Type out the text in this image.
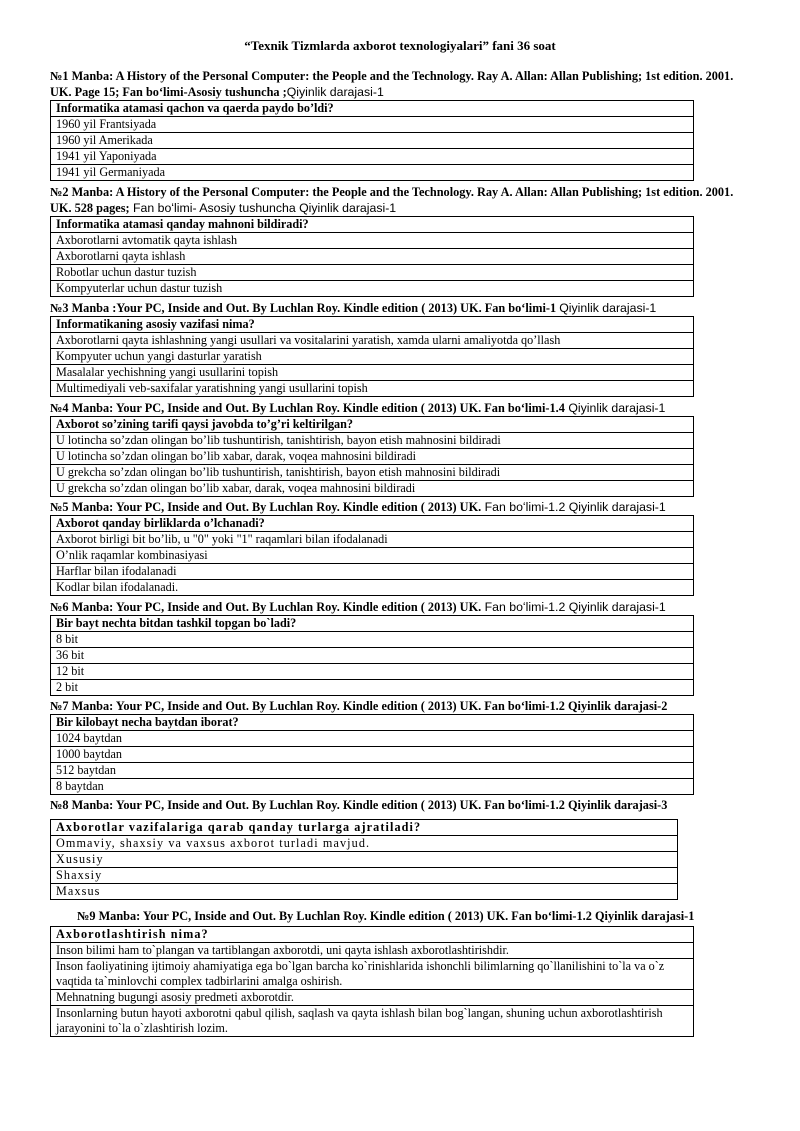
“Texnik Tizmlarda axborot texnologiyalari” fani 36 soat
№1 Manba: A History of the Personal Computer: the People and the Technology. Ray A. Allan: Allan Publishing; 1st edition. 2001. UK. Page 15; Fan boʻlimi-Asosiy tushuncha ;Qiyinlik darajasi-1
Informatika atamasi qachon va qaerda paydo bo’ldi?
1960 yil Frantsiyada
1960 yil Amerikada
1941 yil Yaponiyada
1941 yil Germaniyada
№2 Manba: A History of the Personal Computer: the People and the Technology. Ray A. Allan: Allan Publishing; 1st edition. 2001. UK. 528 pages; Fan boʻlimi- Asosiy tushuncha Qiyinlik darajasi-1
Informatika atamasi qanday mahnoni bildiradi?
Axborotlarni avtomatik qayta ishlash
Axborotlarni qayta ishlash
Robotlar uchun dastur tuzish
Kompyuterlar uchun dastur tuzish
№3 Manba :Your PC, Inside and Out. By Luchlan Roy. Kindle edition ( 2013) UK. Fan boʻlimi-1 Qiyinlik darajasi-1
Informatikaning asosiy vazifasi nima?
Axborotlarni qayta ishlashning yangi usullari va vositalarini yaratish, xamda ularni amaliyotda qo’llash
Kompyuter uchun yangi dasturlar yaratish
Masalalar yechishning yangi usullarini topish
Multimediyali veb-saxifalar yaratishning yangi usullarini topish
№4 Manba: Your PC, Inside and Out. By Luchlan Roy. Kindle edition ( 2013) UK. Fan boʻlimi-1.4 Qiyinlik darajasi-1
Axborot so’zining tarifi qaysi javobda to’g’ri keltirilgan?
U lotincha so’zdan olingan bo’lib tushuntirish, tanishtirish, bayon etish mahnosini bildiradi
U lotincha so’zdan olingan bo’lib xabar, darak, voqea mahnosini bildiradi
U grekcha so’zdan olingan bo’lib tushuntirish, tanishtirish, bayon etish mahnosini bildiradi
U grekcha so’zdan olingan bo’lib xabar, darak, voqea mahnosini bildiradi
№5 Manba: Your PC, Inside and Out. By Luchlan Roy. Kindle edition ( 2013) UK. Fan boʻlimi-1.2 Qiyinlik darajasi-1
Axborot qanday birliklarda o’lchanadi?
Axborot birligi bit bo’lib, u "0" yoki "1" raqamlari bilan ifodalanadi
O’nlik raqamlar kombinasiyasi
Harflar bilan ifodalanadi
Kodlar bilan ifodalanadi.
№6 Manba: Your PC, Inside and Out. By Luchlan Roy. Kindle edition ( 2013) UK. Fan boʻlimi-1.2 Qiyinlik darajasi-1
Bir bayt nechta bitdan tashkil topgan bo`ladi?
8 bit
36 bit
12 bit
2 bit
№7 Manba: Your PC, Inside and Out. By Luchlan Roy. Kindle edition ( 2013) UK. Fan boʻlimi-1.2 Qiyinlik darajasi-2
Bir kilobayt necha baytdan iborat?
1024 baytdan
1000 baytdan
512 baytdan
8 baytdan
№8 Manba: Your PC, Inside and Out. By Luchlan Roy. Kindle edition ( 2013) UK. Fan boʻlimi-1.2 Qiyinlik darajasi-3
Axborotlar vazifalariga qarab qanday turlarga ajratiladi?
Ommaviy, shaxsiy va vaxsus axborot turladi mavjud.
Xususiy
Shaxsiy
Maxsus
№9 Manba: Your PC, Inside and Out. By Luchlan Roy. Kindle edition ( 2013) UK. Fan boʻlimi-1.2 Qiyinlik darajasi-1
Axborotlashtirish nima?
Inson bilimi ham to`plangan va tartiblangan axborotdi, uni qayta ishlash axborotlashtirishdir.
Inson faoliyatining ijtimoiy ahamiyatiga ega bo`lgan barcha ko`rinishlarida ishonchli bilimlarning qo`llanilishini to`la va o`z vaqtida ta`minlovchi complex tadbirlarini amalga oshirish.
Mehnatning bugungi asosiy predmeti axborotdir.
Insonlarning butun hayoti axborotni qabul qilish, saqlash va qayta ishlash bilan bog`langan, shuning uchun axborotlashtirish jarayonini to`la o`zlashtirish lozim.
